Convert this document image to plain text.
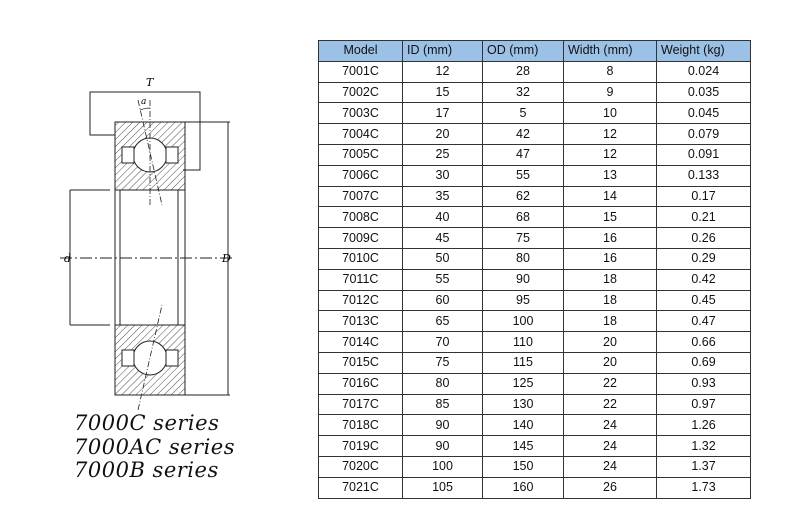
T
a
d	D
7000C series
7000AC series
7000B series
Model	ID (mm)	OD (mm)	Width (mm)	Weight (kg)
7001C	12	28	8	0.024
7002C	15	32	9	0.035
7003C	17	5	10	0.045
7004C	20	42	12	0.079
7005C	25	47	12	0.091
7006C	30	55	13	0.133
7007C	35	62	14	0.17
7008C	40	68	15	0.21
7009C	45	75	16	0.26
7010C	50	80	16	0.29
7011C	55	90	18	0.42
7012C	60	95	18	0.45
7013C	65	100	18	0.47
7014C	70	110	20	0.66
7015C	75	115	20	0.69
7016C	80	125	22	0.93
7017C	85	130	22	0.97
7018C	90	140	24	1.26
7019C	90	145	24	1.32
7020C	100	150	24	1.37
7021C	105	160	26	1.73
